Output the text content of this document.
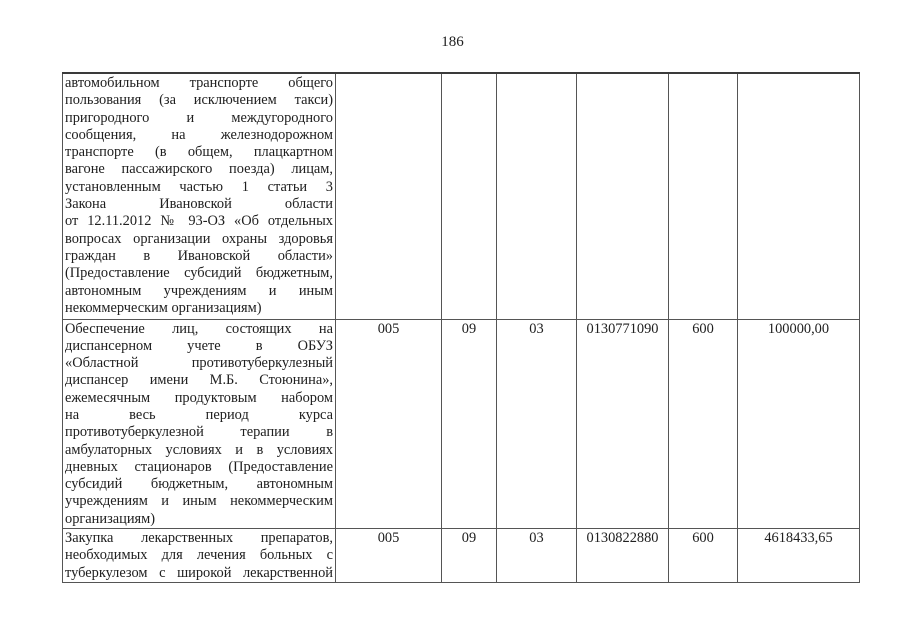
186
автомобильном транспорте общего
пользования (за исключением такси)
пригородного и междугородного
сообщения, на железнодорожном
транспорте (в общем, плацкартном
вагоне пассажирского поезда) лицам,
установленным частью 1 статьи 3
Закона Ивановской области
от 12.11.2012 № 93-ОЗ «Об отдельных
вопросах организации охраны здоровья
граждан в Ивановской области»
(Предоставление субсидий бюджетным,
автономным учреждениям и иным
некоммерческим организациям)

Обеспечение лиц, состоящих на
диспансерном учете в ОБУЗ
«Областной противотуберкулезный
диспансер имени М.Б. Стоюнина»,
ежемесячным продуктовым набором
на весь период курса
противотуберкулезной терапии в
амбулаторных условиях и в условиях
дневных стационаров (Предоставление
субсидий бюджетным, автономным
учреждениям и иным некоммерческим
организациям)
	005	09	03	0130771090	600	100000,00

Закупка лекарственных препаратов,
необходимых для лечения больных с
туберкулезом с широкой лекарственной	005	09	03	0130822880	600	4618433,65
